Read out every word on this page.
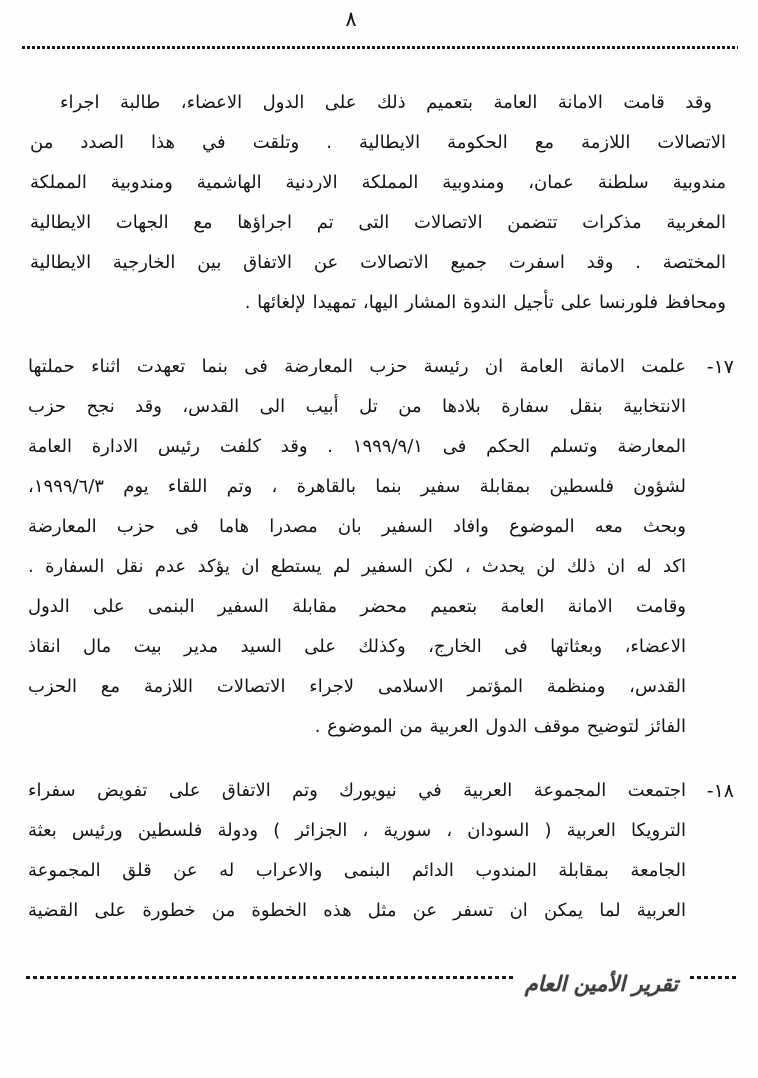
٨
وقد قامت الامانة العامة بتعميم ذلك على الدول الاعضاء، طالبة اجراء
الاتصالات اللازمة مع الحكومة الايطالية . وتلقت في هذا الصدد من
مندوبية سلطنة عمان، ومندوبية المملكة الاردنية الهاشمية ومندوبية المملكة
المغربية مذكرات تتضمن الاتصالات التى تم اجراؤها مع الجهات الايطالية
المختصة . وقد اسفرت جميع الاتصالات عن الاتفاق بين الخارجية الايطالية
ومحافظ فلورنسا على تأجيل الندوة المشار اليها، تمهيدا لإلغائها .
١٧-
علمت الامانة العامة ان رئيسة حزب المعارضة فى بنما تعهدت اثناء حملتها
الانتخابية بنقل سفارة بلادها من تل أبيب الى القدس، وقد نجح حزب
المعارضة وتسلم الحكم فى ١٩٩٩/٩/١ . وقد كلفت رئيس الادارة العامة
لشؤون فلسطين بمقابلة سفير بنما بالقاهرة ، وتم اللقاء يوم ١٩٩٩/٦/٣،
وبحث معه الموضوع وافاد السفير بان مصدرا هاما فى حزب المعارضة
اكد له ان ذلك لن يحدث ، لكن السفير لم يستطع ان يؤكد عدم نقل السفارة .
وقامت الامانة العامة بتعميم محضر مقابلة السفير البنمى على الدول
الاعضاء، وبعثاتها فى الخارج، وكذلك على السيد مدير بيت مال انقاذ
القدس، ومنظمة المؤتمر الاسلامى لاجراء الاتصالات اللازمة مع الحزب
الفائز لتوضيح موقف الدول العربية من الموضوع .
١٨-
اجتمعت المجموعة العربية في نيويورك وتم الاتفاق على تفويض سفراء
الترويكا العربية ( السودان ، سورية ، الجزائر ) ودولة فلسطين ورئيس بعثة
الجامعة بمقابلة المندوب الدائم البنمى والاعراب له عن قلق المجموعة
العربية لما يمكن ان تسفر عن مثل هذه الخطوة من خطورة على القضية
تقرير الأمين العام
